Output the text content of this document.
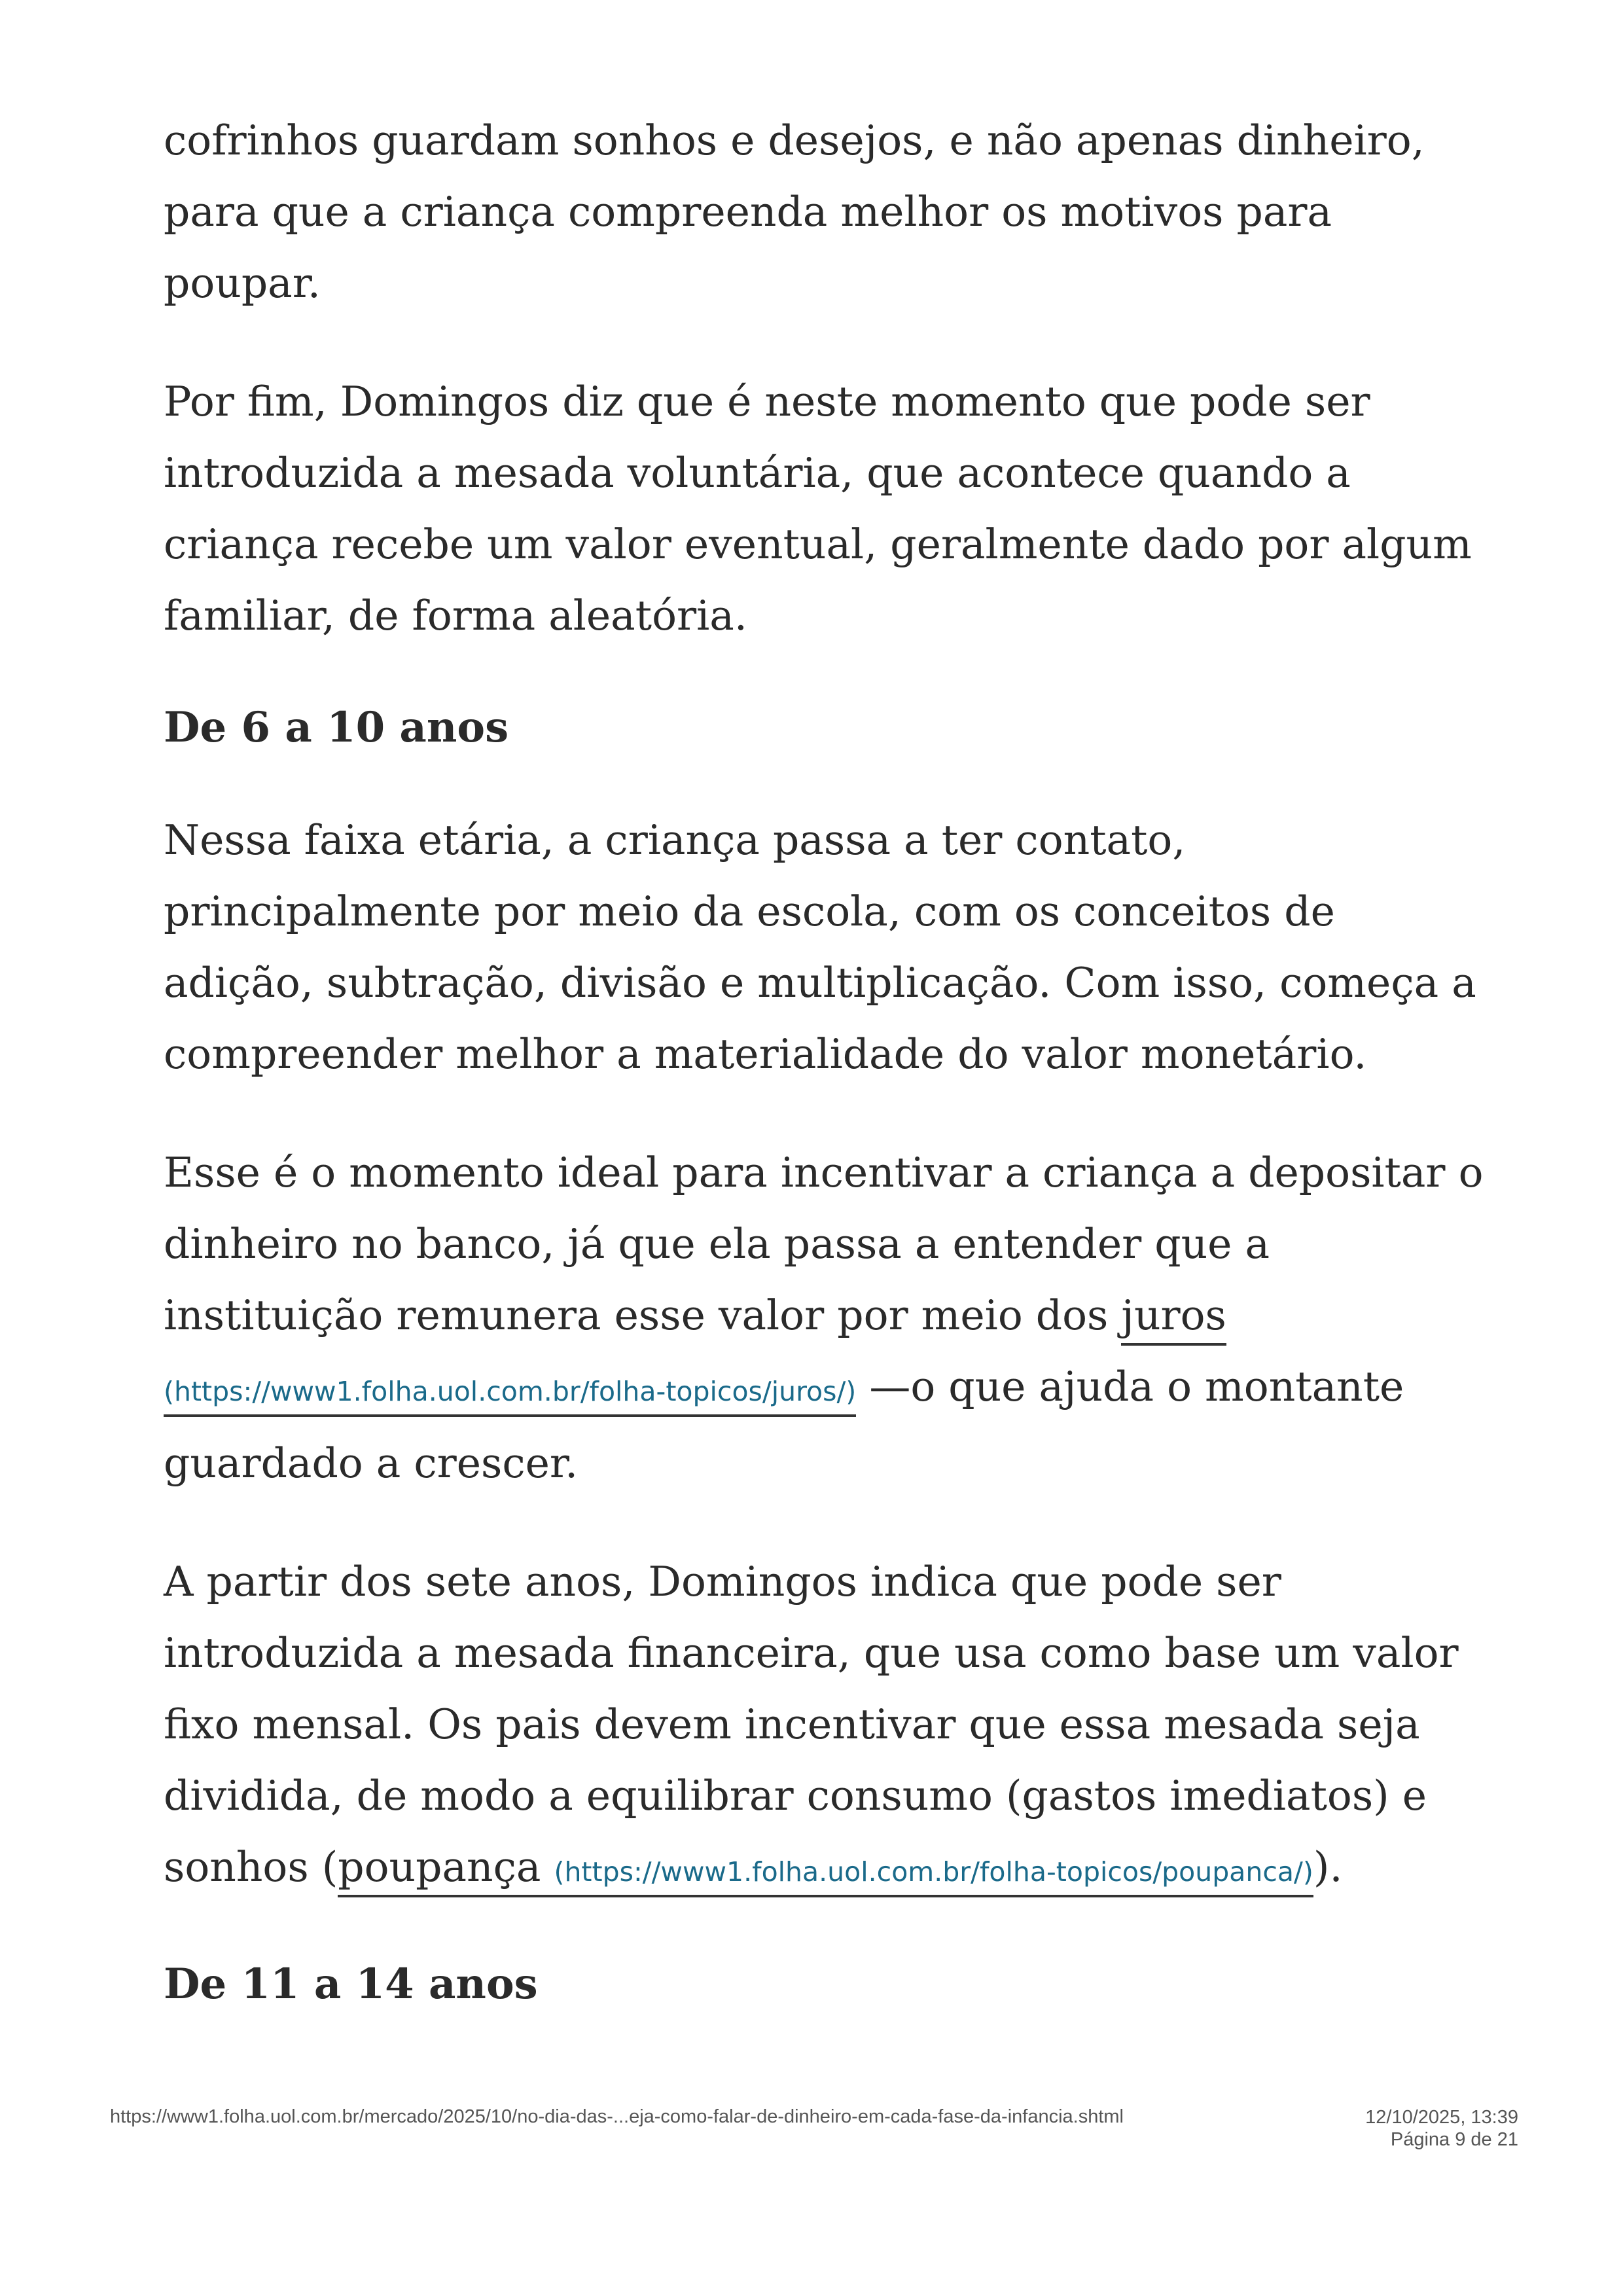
cofrinhos guardam sonhos e desejos, e não apenas dinheiro, para que a criança compreenda melhor os motivos para poupar.

Por fim, Domingos diz que é neste momento que pode ser introduzida a mesada voluntária, que acontece quando a criança recebe um valor eventual, geralmente dado por algum familiar, de forma aleatória.

De 6 a 10 anos

Nessa faixa etária, a criança passa a ter contato, principalmente por meio da escola, com os conceitos de adição, subtração, divisão e multiplicação. Com isso, começa a compreender melhor a materialidade do valor monetário.

Esse é o momento ideal para incentivar a criança a depositar o dinheiro no banco, já que ela passa a entender que a instituição remunera esse valor por meio dos juros
(https://www1.folha.uol.com.br/folha-topicos/juros/) —o que ajuda o montante guardado a crescer.

A partir dos sete anos, Domingos indica que pode ser introduzida a mesada financeira, que usa como base um valor fixo mensal. Os pais devem incentivar que essa mesada seja dividida, de modo a equilibrar consumo (gastos imediatos) e sonhos (poupança (https://www1.folha.uol.com.br/folha-topicos/poupanca/)).

De 11 a 14 anos
https://www1.folha.uol.com.br/mercado/2025/10/no-dia-das-...eja-como-falar-de-dinheiro-em-cada-fase-da-infancia.shtml	12/10/2025, 13:39
Página 9 de 21
